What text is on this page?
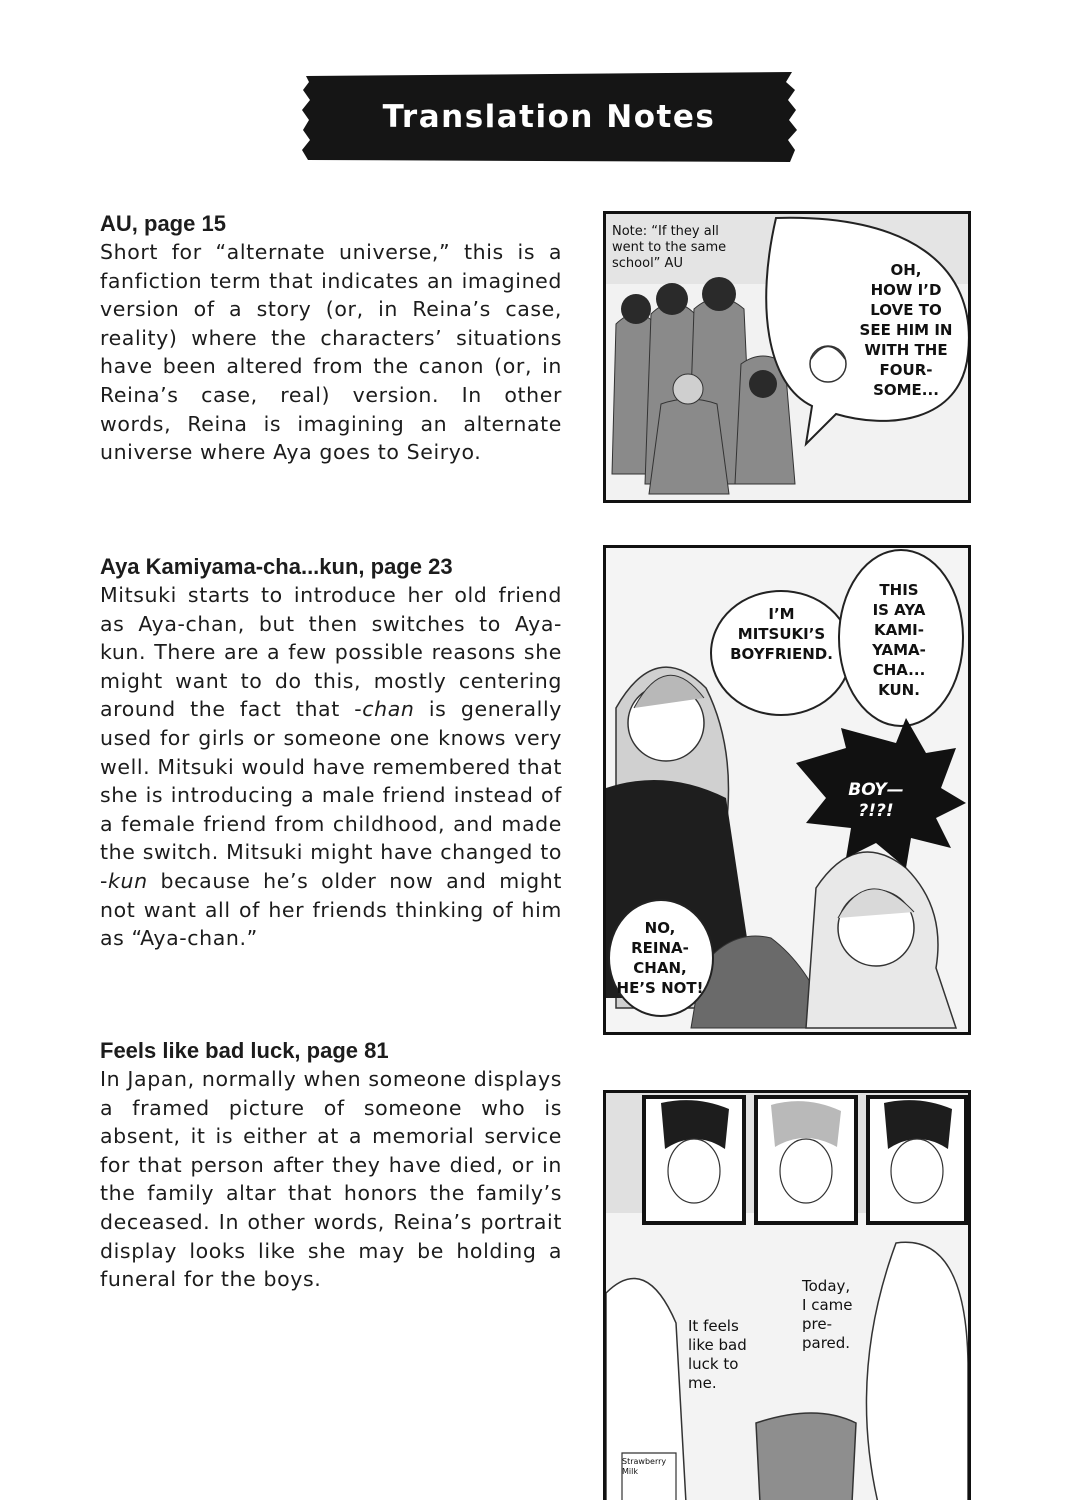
Translation Notes

AU, page 15

Short for “alternate universe,” this is a fanfiction term that indicates an imagined version of a story (or, in Reina’s case, reality) where the characters’ situations have been altered from the canon (or, in Reina’s case, real) version. In other words, Reina is imagining an alternate universe where Aya goes to Seiryo.

Aya Kamiyama-cha...kun, page 23

Mitsuki starts to introduce her old friend as Aya-chan, but then switches to Aya-kun. There are a few possible reasons she might want to do this, mostly centering around the fact that -chan is generally used for girls or someone one knows very well. Mitsuki would have remembered that she is introducing a male friend instead of a female friend from childhood, and made the switch. Mitsuki might have changed to -kun because he’s older now and might not want all of her friends thinking of him as “Aya-chan.”

Feels like bad luck, page 81

In Japan, normally when someone displays a framed picture of someone who is absent, it is either at a memorial service for that person after they have died, or in the family altar that honors the family’s deceased. In other words, Reina’s portrait display looks like she may be holding a funeral for the boys.

Note: “If they all
went to the same
school” AU	OH,
HOW I’D
LOVE TO
SEE HIM IN
WITH THE
FOUR-
SOME...
I’M
MITSUKI’S
BOYFRIEND.
THIS
IS AYA
KAMI-
YAMA-
CHA...
KUN.
BOY—
?!?!
NO,
REINA-
CHAN,
HE’S NOT!
It feels
like bad
luck to
me.
Today,
I came
pre-
pared.
Strawberry
Milk
